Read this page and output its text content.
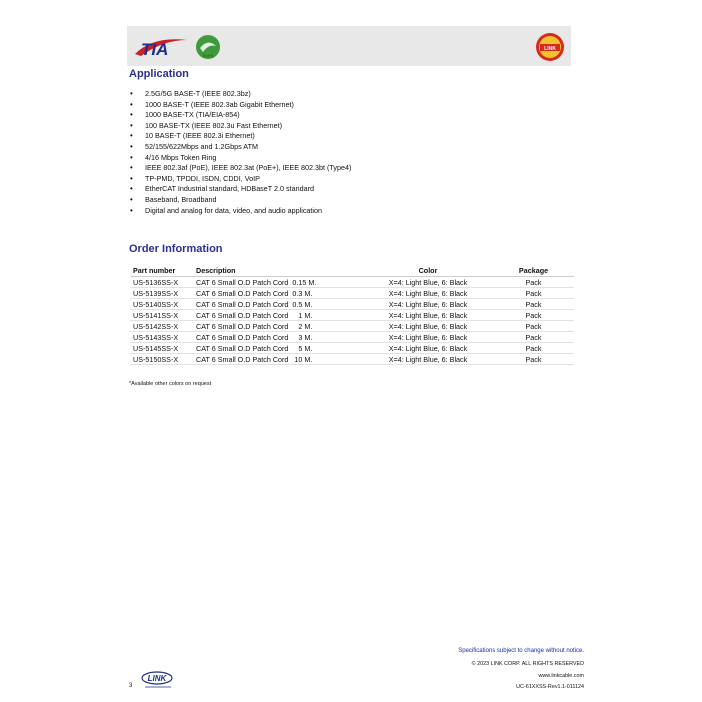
TIA	RoHS
LINK
Application
• 2.5G/5G BASE-T (IEEE 802.3bz)
• 1000 BASE-T (IEEE 802.3ab Gigabit Ethernet)
• 1000 BASE-TX (TIA/EIA-854)
• 100 BASE-TX (IEEE 802.3u Fast Ethernet)
• 10 BASE-T (IEEE 802.3i Ethernet)
• 52/155/622Mbps and 1.2Gbps ATM
• 4/16 Mbps Token Ring
• IEEE 802.3af (PoE), IEEE 802.3at (PoE+), IEEE 802.3bt (Type4)
• TP-PMD, TPDDI, ISDN, CDDI, VoIP
• EtherCAT Industrial standard, HDBaseT 2.0 standard
• Baseband, Broadband
• Digital and analog for data, video, and audio application
Order Information
Part number	Description	Color	Package
US-5136SS-X	CAT 6 Small O.D Patch Cord  0.15 M.	X=4: Light Blue, 6: Black	Pack
US-5139SS-X	CAT 6 Small O.D Patch Cord  0.3 M.	X=4: Light Blue, 6: Black	Pack
US-5140SS-X	CAT 6 Small O.D Patch Cord  0.5 M.	X=4: Light Blue, 6: Black	Pack
US-5141SS-X	CAT 6 Small O.D Patch Cord     1 M.	X=4: Light Blue, 6: Black	Pack
US-5142SS-X	CAT 6 Small O.D Patch Cord     2 M.	X=4: Light Blue, 6: Black	Pack
US-5143SS-X	CAT 6 Small O.D Patch Cord     3 M.	X=4: Light Blue, 6: Black	Pack
US-5145SS-X	CAT 6 Small O.D Patch Cord     5 M.	X=4: Light Blue, 6: Black	Pack
US-5150SS-X	CAT 6 Small O.D Patch Cord   10 M.	X=4: Light Blue, 6: Black	Pack
*Available other colors on request
Specifications subject to change without notice.
© 2023 LINK CORP. ALL RIGHTS RESERVED
www.linkcable.com
UC-61XXSS-Rev1.1-011124
3
LINK
